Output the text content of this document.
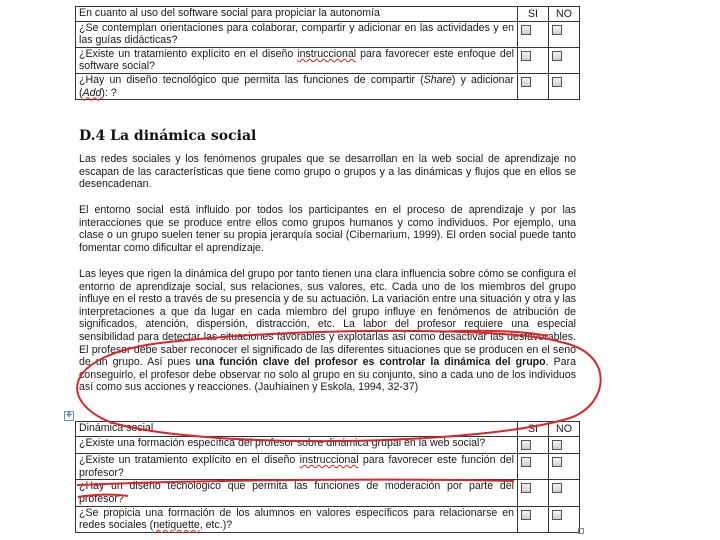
En cuanto al uso del software social para propiciar la autonomía	SI	NO
¿Se contemplan orientaciones para colaborar, compartir y adicionar en las actividades y en las guías didácticas?		
¿Existe un tratamiento explícito en el diseño instruccional para favorecer este enfoque del software social?		
¿Hay un diseño tecnológico que permita las funciones de compartir (Share) y adicionar (Add): ?		
D.4 La dinámica social

Las redes sociales y los fenómenos grupales que se desarrollan en la web social de aprendizaje no escapan de las características que tiene como grupo o grupos y a las dinámicas y flujos que en ellos se desencadenan.

El entorno social está influido por todos los participantes en el proceso de aprendizaje y por las interacciones que se produce entre ellos como grupos humanos y como individuos. Por ejemplo, una clase o un grupo suelen tener su propia jerarquía social (Cibernarium, 1999). El orden social puede tanto fomentar como dificultar el aprendizaje.

Las leyes que rigen la dinámica del grupo por tanto tienen una clara influencia sobre cómo se configura el entorno de aprendizaje social, sus relaciones, sus valores, etc. Cada uno de los miembros del grupo influye en el resto a través de su presencia y de su actuación. La variación entre una situación y otra y las interpretaciones a que da lugar en cada miembro del grupo influye en fenómenos de atribución de significados, atención, dispersión, distracción, etc. La labor del profesor requiere una especial sensibilidad para detectar las situaciones favorables y explotarlas así como desactivar las desfavorables. El profesor debe saber reconocer el significado de las diferentes situaciones que se producen en el seno de un grupo. Así pues una función clave del profesor es controlar la dinámica del grupo. Para conseguirlo, el profesor debe observar no solo al grupo en su conjunto, sino a cada uno de los individuos así como sus acciones y reacciones. (Jauhiainen y Eskola, 1994, 32-37)

✥
Dinámica social	SI	NO
¿Existe una formación específica del profesor sobre dinámica grupal en la web social?		
¿Existe un tratamiento explícito en el diseño instruccional para favorecer este función del profesor?		
¿Hay un diseño tecnológico que permita las funciones de moderación por parte del profesor?		
¿Se propicia una formación de los alumnos en valores específicos para relacionarse en redes sociales (netiquette, etc.)?		
